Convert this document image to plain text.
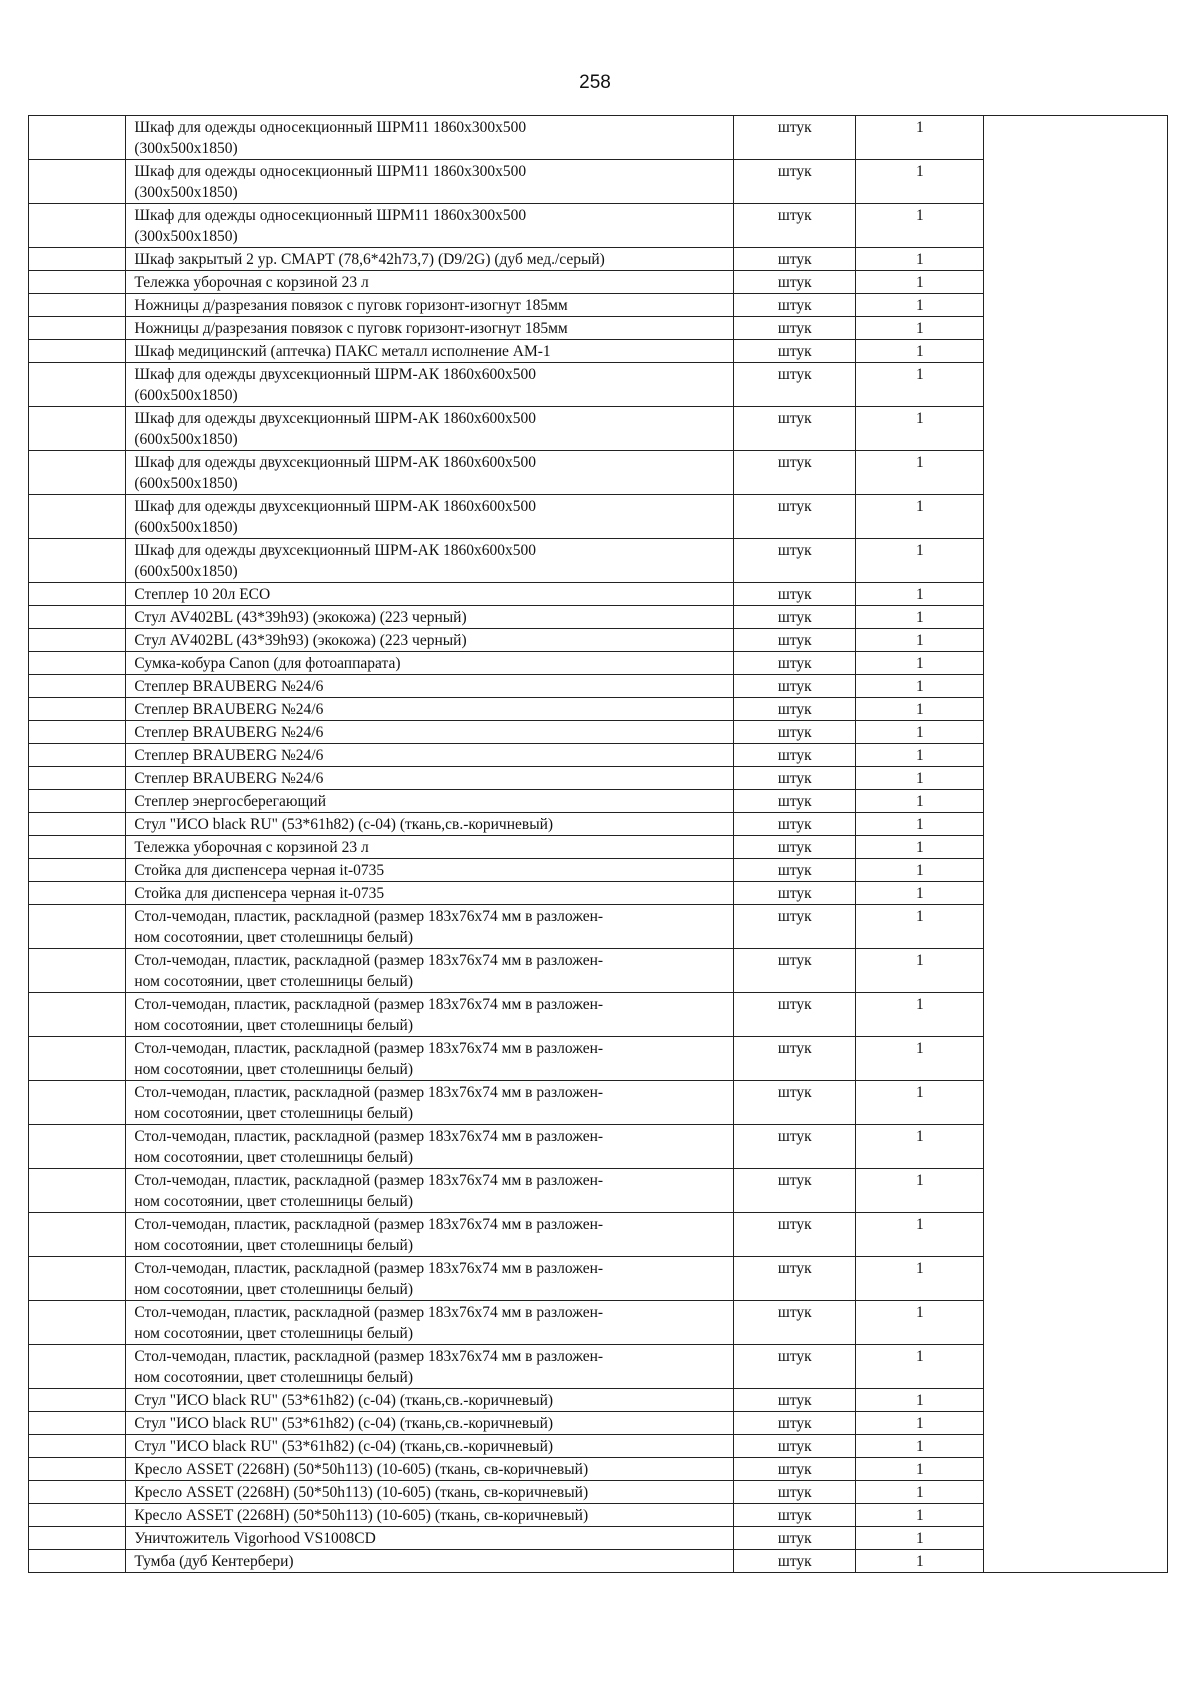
258
	Шкаф для одежды односекционный ШРМ11 1860х300х500
(300х500х1850)	штук	1	
	Шкаф для одежды односекционный ШРМ11 1860х300х500
(300х500х1850)	штук	1	
	Шкаф для одежды односекционный ШРМ11 1860х300х500
(300х500х1850)	штук	1	
	Шкаф закрытый 2 ур. СМАРТ (78,6*42h73,7) (D9/2G) (дуб мед./серый)	штук	1	
	Тележка уборочная с корзиной 23 л	штук	1	
	Ножницы д/разрезания повязок с пуговк горизонт-изогнут 185мм	штук	1	
	Ножницы д/разрезания повязок с пуговк горизонт-изогнут 185мм	штук	1	
	Шкаф медицинский (аптечка) ПАКС металл исполнение АМ-1	штук	1	
	Шкаф для одежды двухсекционный ШРМ-АК 1860х600х500
(600х500х1850)	штук	1	
	Шкаф для одежды двухсекционный ШРМ-АК 1860х600х500
(600х500х1850)	штук	1	
	Шкаф для одежды двухсекционный ШРМ-АК 1860х600х500
(600х500х1850)	штук	1	
	Шкаф для одежды двухсекционный ШРМ-АК 1860х600х500
(600х500х1850)	штук	1	
	Шкаф для одежды двухсекционный ШРМ-АК 1860х600х500
(600х500х1850)	штук	1	
	Степлер 10 20л ЕСО	штук	1	
	Стул AV402BL (43*39h93) (экокожа) (223 черный)	штук	1	
	Стул AV402BL (43*39h93) (экокожа) (223 черный)	штук	1	
	Сумка-кобура Canon (для фотоаппарата)	штук	1	
	Степлер BRAUBERG №24/6	штук	1	
	Степлер BRAUBERG №24/6	штук	1	
	Степлер BRAUBERG №24/6	штук	1	
	Степлер BRAUBERG №24/6	штук	1	
	Степлер BRAUBERG №24/6	штук	1	
	Степлер энергосберегающий	штук	1	
	Стул "ИСО black RU" (53*61h82) (с-04) (ткань,св.-коричневый)	штук	1	
	Тележка уборочная с корзиной 23 л	штук	1	
	Стойка для диспенсера черная it-0735	штук	1	
	Стойка для диспенсера черная it-0735	штук	1	
	Стол-чемодан, пластик, раскладной (размер 183х76х74 мм в разложен-
ном сосотоянии, цвет столешницы белый)	штук	1	
	Стол-чемодан, пластик, раскладной (размер 183х76х74 мм в разложен-
ном сосотоянии, цвет столешницы белый)	штук	1	
	Стол-чемодан, пластик, раскладной (размер 183х76х74 мм в разложен-
ном сосотоянии, цвет столешницы белый)	штук	1	
	Стол-чемодан, пластик, раскладной (размер 183х76х74 мм в разложен-
ном сосотоянии, цвет столешницы белый)	штук	1	
	Стол-чемодан, пластик, раскладной (размер 183х76х74 мм в разложен-
ном сосотоянии, цвет столешницы белый)	штук	1	
	Стол-чемодан, пластик, раскладной (размер 183х76х74 мм в разложен-
ном сосотоянии, цвет столешницы белый)	штук	1	
	Стол-чемодан, пластик, раскладной (размер 183х76х74 мм в разложен-
ном сосотоянии, цвет столешницы белый)	штук	1	
	Стол-чемодан, пластик, раскладной (размер 183х76х74 мм в разложен-
ном сосотоянии, цвет столешницы белый)	штук	1	
	Стол-чемодан, пластик, раскладной (размер 183х76х74 мм в разложен-
ном сосотоянии, цвет столешницы белый)	штук	1	
	Стол-чемодан, пластик, раскладной (размер 183х76х74 мм в разложен-
ном сосотоянии, цвет столешницы белый)	штук	1	
	Стол-чемодан, пластик, раскладной (размер 183х76х74 мм в разложен-
ном сосотоянии, цвет столешницы белый)	штук	1	
	Стул "ИСО black RU" (53*61h82) (с-04) (ткань,св.-коричневый)	штук	1	
	Стул "ИСО black RU" (53*61h82) (с-04) (ткань,св.-коричневый)	штук	1	
	Стул "ИСО black RU" (53*61h82) (с-04) (ткань,св.-коричневый)	штук	1	
	Кресло ASSET (2268H) (50*50h113) (10-605) (ткань, св-коричневый)	штук	1	
	Кресло ASSET (2268H) (50*50h113) (10-605) (ткань, св-коричневый)	штук	1	
	Кресло ASSET (2268H) (50*50h113) (10-605) (ткань, св-коричневый)	штук	1	
	Уничтожитель Vigorhood VS1008CD	штук	1	
	Тумба (дуб Кентербери)	штук	1	
